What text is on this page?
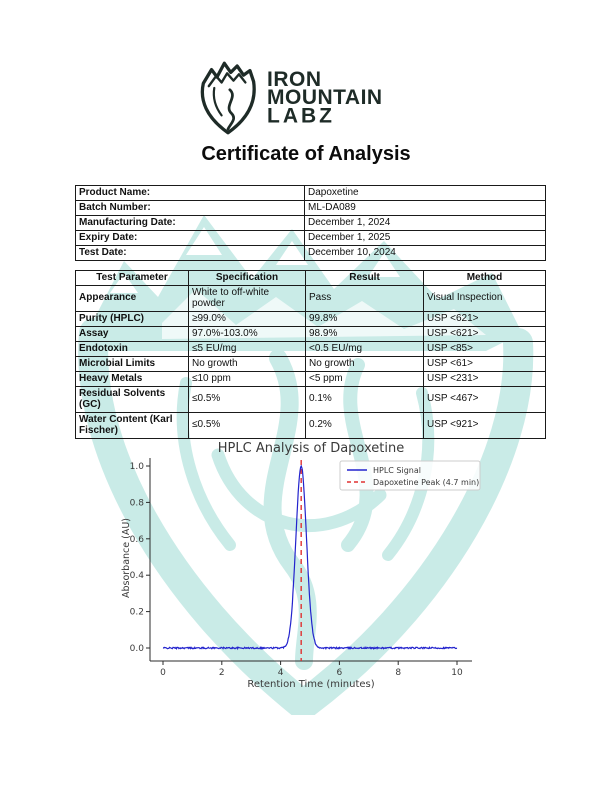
IRON
MOUNTAIN
LABZ
Certificate of Analysis
Product Name:	Dapoxetine
Batch Number:	ML-DA089
Manufacturing Date:	December 1, 2024
Expiry Date:	December 1, 2025
Test Date:	December 10, 2024
Test Parameter	Specification	Result	Method
Appearance	White to off-white powder	Pass	Visual Inspection
Purity (HPLC)	≥99.0%	99.8%	USP <621>
Assay	97.0%-103.0%	98.9%	USP <621>
Endotoxin	≤5 EU/mg	<0.5 EU/mg	USP <85>
Microbial Limits	No growth	No growth	USP <61>
Heavy Metals	≤10 ppm	<5 ppm	USP <231>
Residual Solvents (GC)	≤0.5%	0.1%	USP <467>
Water Content (Karl Fischer)	≤0.5%	0.2%	USP <921>
HPLC Analysis of Dapoxetine
0	2	4	6	8	10
0.0
0.2
0.4
0.6
0.8
1.0
Retention Time (minutes)
Absorbance (AU)
HPLC Signal
Dapoxetine Peak (4.7 min)
